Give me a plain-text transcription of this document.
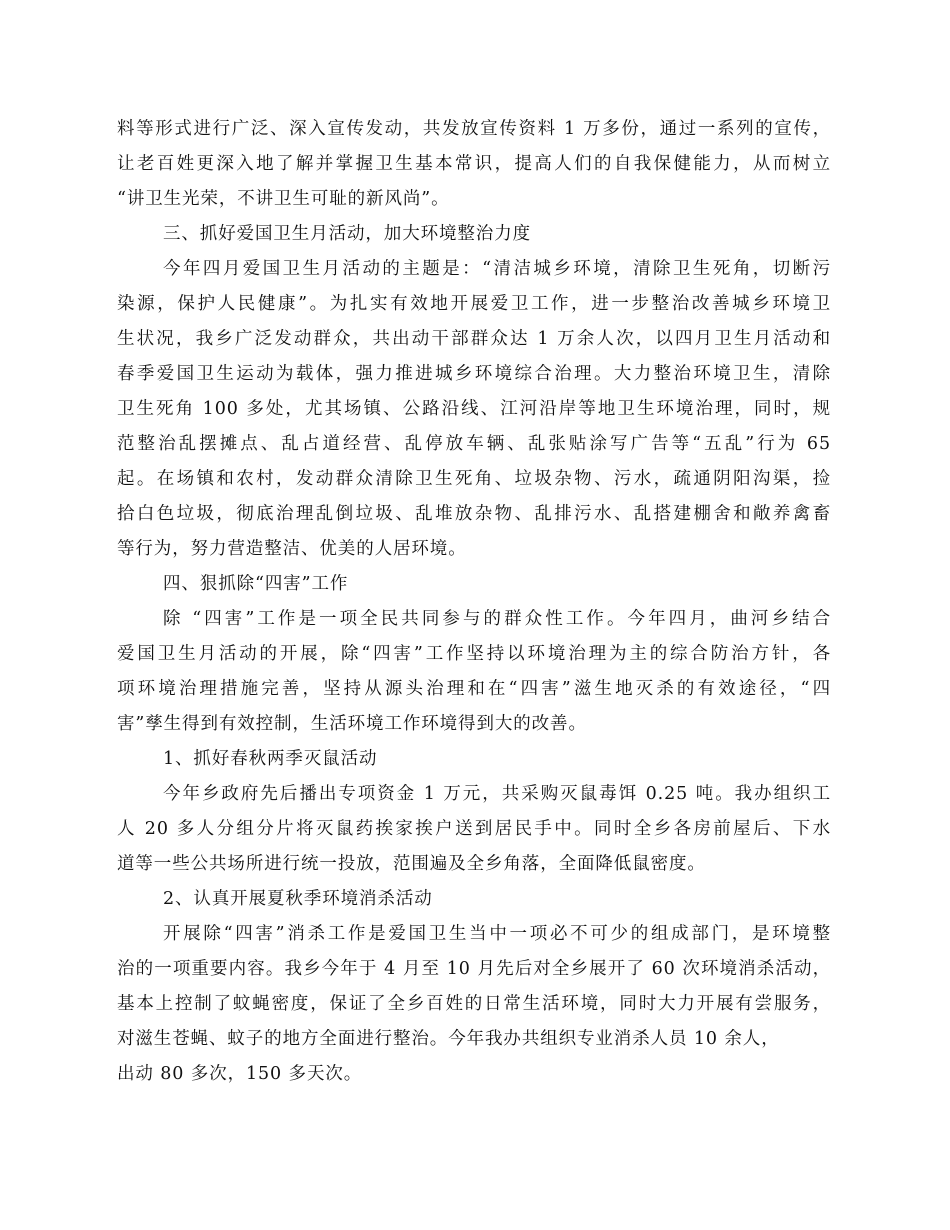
料等形式进行广泛、深入宣传发动，共发放宣传资料 1 万多份，通过一系列的宣传，
让老百姓更深入地了解并掌握卫生基本常识，提高人们的自我保健能力，从而树立
“讲卫生光荣，不讲卫生可耻的新风尚”。
三、抓好爱国卫生月活动，加大环境整治力度
今年四月爱国卫生月活动的主题是：“清洁城乡环境，清除卫生死角，切断污
染源，保护人民健康”。为扎实有效地开展爱卫工作，进一步整治改善城乡环境卫
生状况，我乡广泛发动群众，共出动干部群众达 1 万余人次，以四月卫生月活动和
春季爱国卫生运动为载体，强力推进城乡环境综合治理。大力整治环境卫生，清除
卫生死角 100 多处，尤其场镇、公路沿线、江河沿岸等地卫生环境治理，同时，规
范整治乱摆摊点、乱占道经营、乱停放车辆、乱张贴涂写广告等“五乱”行为 65
起。在场镇和农村，发动群众清除卫生死角、垃圾杂物、污水，疏通阴阳沟渠，捡
拾白色垃圾，彻底治理乱倒垃圾、乱堆放杂物、乱排污水、乱搭建棚舍和敞养禽畜
等行为，努力营造整洁、优美的人居环境。
四、狠抓除“四害”工作
除 “四害”工作是一项全民共同参与的群众性工作。今年四月，曲河乡结合
爱国卫生月活动的开展，除“四害”工作坚持以环境治理为主的综合防治方针，各
项环境治理措施完善，坚持从源头治理和在“四害”滋生地灭杀的有效途径，“四
害”孳生得到有效控制，生活环境工作环境得到大的改善。
1、抓好春秋两季灭鼠活动
今年乡政府先后播出专项资金 1 万元，共采购灭鼠毒饵 0.25 吨。我办组织工
人 20 多人分组分片将灭鼠药挨家挨户送到居民手中。同时全乡各房前屋后、下水
道等一些公共场所进行统一投放，范围遍及全乡角落，全面降低鼠密度。
2、认真开展夏秋季环境消杀活动
开展除“四害”消杀工作是爱国卫生当中一项必不可少的组成部门，是环境整
治的一项重要内容。我乡今年于 4 月至 10 月先后对全乡展开了 60 次环境消杀活动，
基本上控制了蚊蝇密度，保证了全乡百姓的日常生活环境，同时大力开展有尝服务，
对滋生苍蝇、蚊子的地方全面进行整治。今年我办共组织专业消杀人员 10 余人，
出动 80 多次，150 多天次。
